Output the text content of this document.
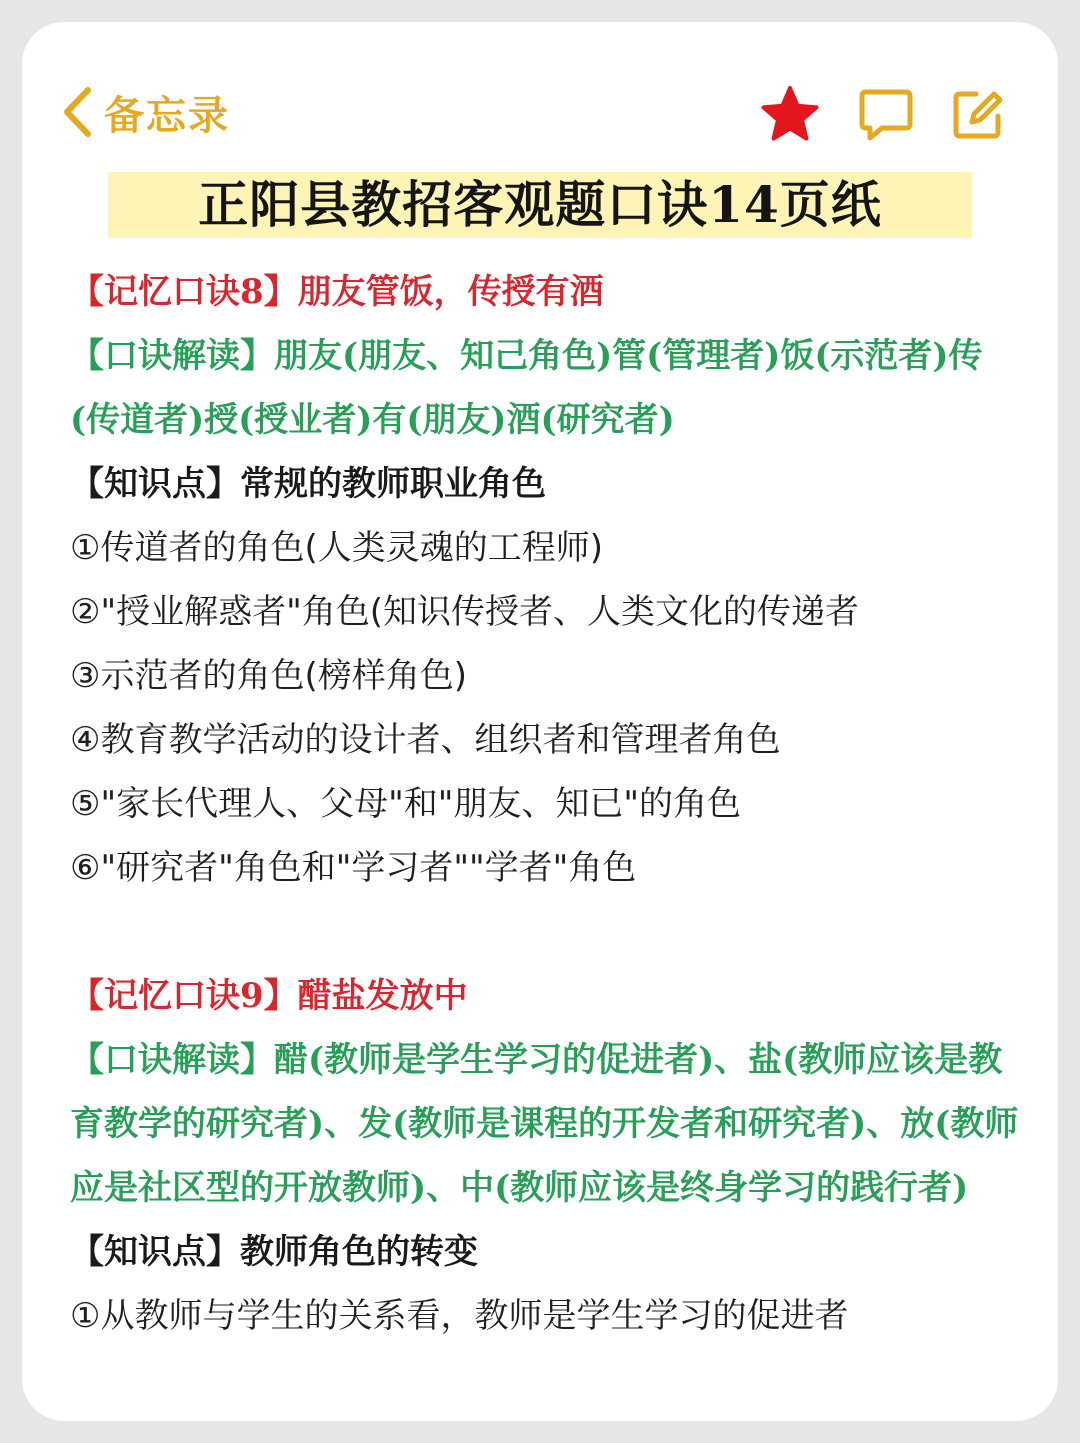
备忘录
正阳县教招客观题口诀14页纸
【记忆口诀8】朋友管饭，传授有酒
【口诀解读】朋友(朋友、知己角色)管(管理者)饭(示范者)传(传道者)授(授业者)有(朋友)酒(研究者)
【知识点】常规的教师职业角色
①传道者的角色(人类灵魂的工程师)
②"授业解惑者"角色(知识传授者、人类文化的传递者
③示范者的角色(榜样角色)
④教育教学活动的设计者、组织者和管理者角色
⑤"家长代理人、父母"和"朋友、知已"的角色
⑥"研究者"角色和"学习者""学者"角色
【记忆口诀9】醋盐发放中
【口诀解读】醋(教师是学生学习的促进者)、盐(教师应该是教育教学的研究者)、发(教师是课程的开发者和研究者)、放(教师应是社区型的开放教师)、中(教师应该是终身学习的践行者)
【知识点】教师角色的转变
①从教师与学生的关系看，教师是学生学习的促进者
